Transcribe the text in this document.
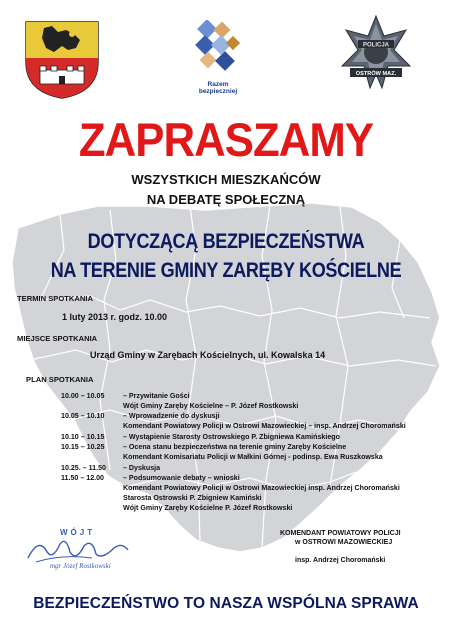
Razem
bezpieczniej
POLICJA
OSTRÓW MAZ.
ZAPRASZAMY
WSZYSTKICH MIESZKAŃCÓW
NA DEBATĘ SPOŁECZNĄ
DOTYCZĄCĄ BEZPIECZEŃSTWA
NA TERENIE GMINY ZARĘBY KOŚCIELNE
TERMIN SPOTKANIA
1 luty 2013 r. godz. 10.00
MIEJSCE SPOTKANIA
Urząd Gminy w Zarębach Kościelnych, ul. Kowalska 14
PLAN SPOTKANIA
10.00 – 10.05	– Przywitanie Gości
Wójt Gminy Zaręby Kościelne – P. Józef Rostkowski
10.05 – 10.10	– Wprowadzenie do dyskusji
Komendant Powiatowy Policji w Ostrowi Mazowieckiej – insp. Andrzej Choromański
10.10 – 10.15	– Wystąpienie Starosty Ostrowskiego P. Zbigniewa Kamińskiego
10.15 – 10.25	– Ocena stanu bezpieczeństwa na terenie gminy Zaręby Kościelne
Komendant Komisariatu Policji w Małkini Górnej - podinsp. Ewa Ruszkowska
10.25. – 11.50 – Dyskusja
11.50 – 12.00	– Podsumowanie debaty – wnioski
Komendant Powiatowy Policji w Ostrowi Mazowieckiej insp. Andrzej Choromański
Starosta Ostrowski P. Zbigniew Kamiński
Wójt Gminy Zaręby Kościelne P. Józef Rostkowski
WÓJT
mgr Józef Rostkowski
KOMENDANT POWIATOWY POLICJI
w OSTROWI MAZOWIECKIEJ
insp. Andrzej Choromański
BEZPIECZEŃSTWO TO NASZA WSPÓLNA SPRAWA
